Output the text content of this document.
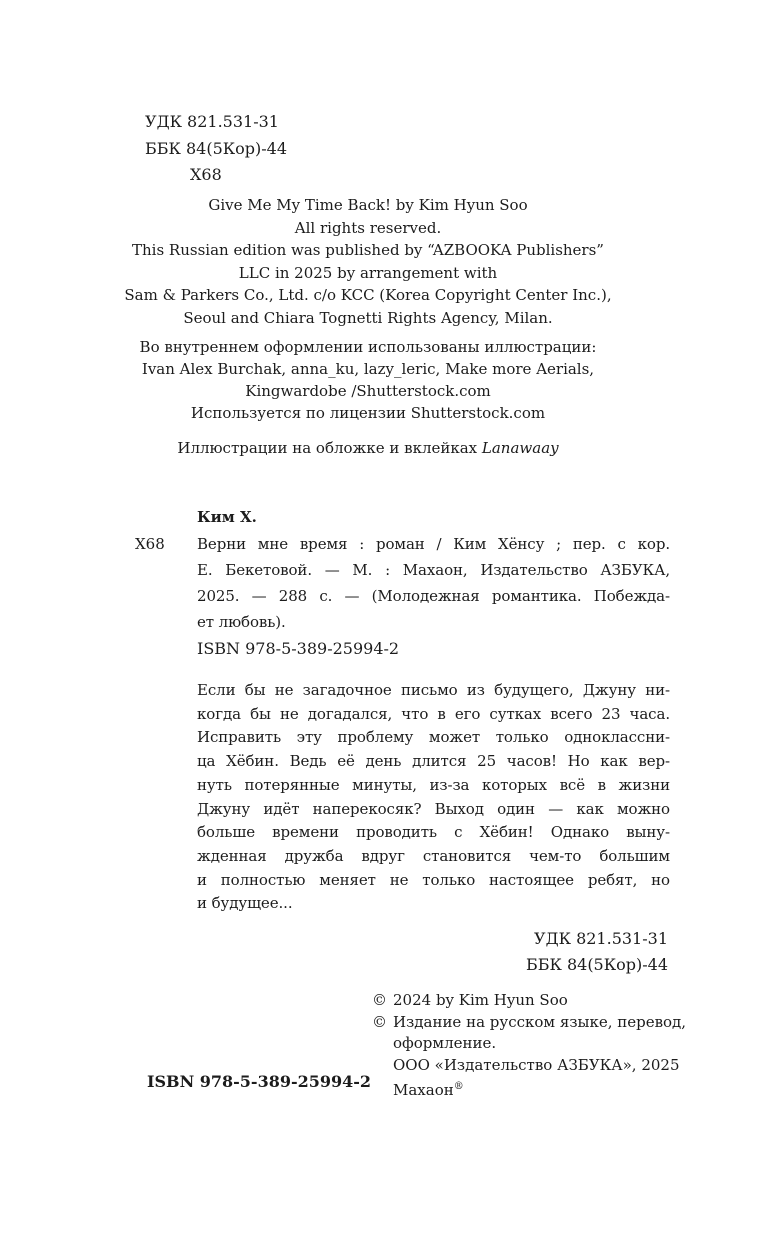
УДК 821.531-31
ББК 84(5Кор)-44
Х68
Give Me My Time Back! by Kim Hyun Soo
All rights reserved.
This Russian edition was published by “AZBOOKA Publishers”
LLC in 2025 by arrangement with
Sam & Parkers Co., Ltd. c/o KCC (Korea Copyright Center Inc.),
Seoul and Chiara Tognetti Rights Agency, Milan.
Во внутреннем оформлении использованы иллюстрации:
Ivan Alex Burchak, anna_ku, lazy_leric, Make more Aerials,
Kingwardobe /Shutterstock.com
Используется по лицензии Shutterstock.com
Иллюстрации на обложке и вклейках Lanawaay
Ким Х.
Х68 Верни мне время : роман / Ким Хёнсу ; пер. с кор.
Е. Бекетовой. — М. : Махаон, Издательство АЗБУКА,
2025. — 288 с. — (Молодежная романтика. Побежда-
ет любовь).
ISBN 978-5-389-25994-2
Если бы не загадочное письмо из будущего, Джуну ни-
когда бы не догадался, что в его сутках всего 23 часа.
Исправить эту проблему может только одноклассни-
ца Хёбин. Ведь её день длится 25 часов! Но как вер-
нуть потерянные минуты, из-за которых всё в жизни
Джуну идёт наперекосяк? Выход один — как можно
больше времени проводить с Хёбин! Однако выну-
жденная дружба вдруг становится чем-то большим
и полностью меняет не только настоящее ребят, но
и будущее...
УДК 821.531-31
ББК 84(5Кор)-44
© 2024 by Kim Hyun Soo
© Издание на русском языке, перевод,
оформление.
ООО «Издательство АЗБУКА», 2025
Махаон®
ISBN 978-5-389-25994-2
